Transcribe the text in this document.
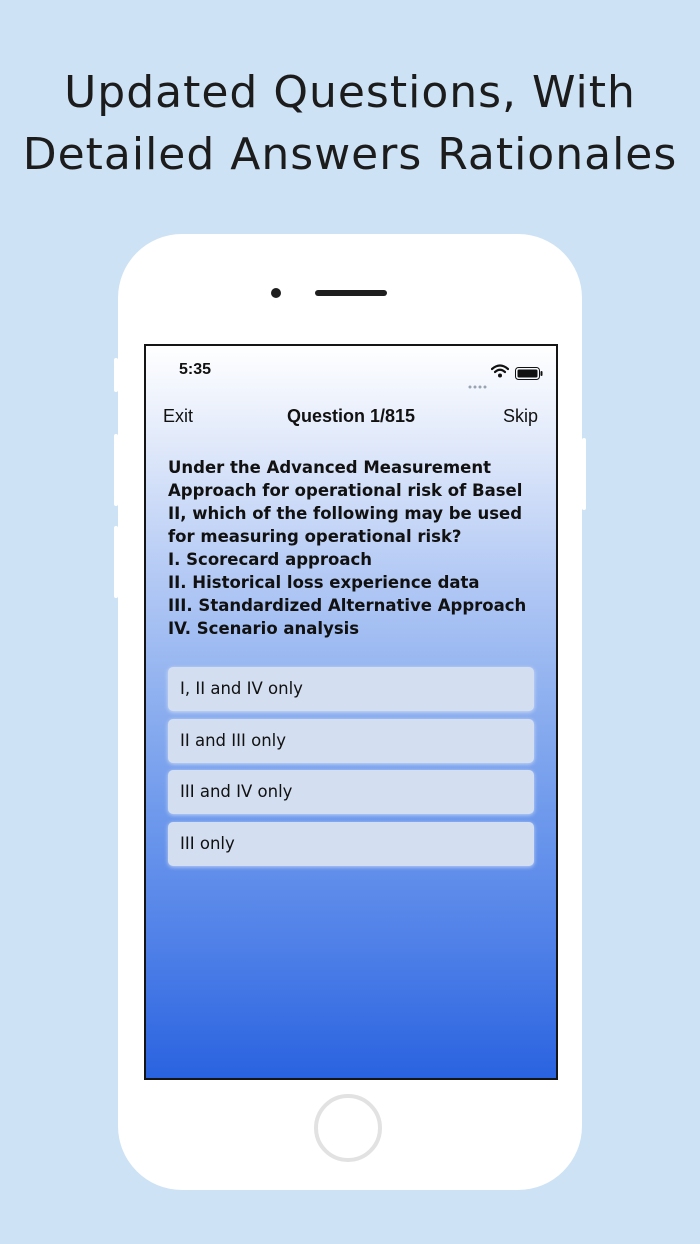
Updated Questions, With
Detailed Answers Rationales
5:35
Exit	Question 1/815	Skip
Under the Advanced Measurement
Approach for operational risk of Basel
II, which of the following may be used
for measuring operational risk?
I. Scorecard approach
II. Historical loss experience data
III. Standardized Alternative Approach
IV. Scenario analysis
I, II and IV only
II and III only
III and IV only
III only
